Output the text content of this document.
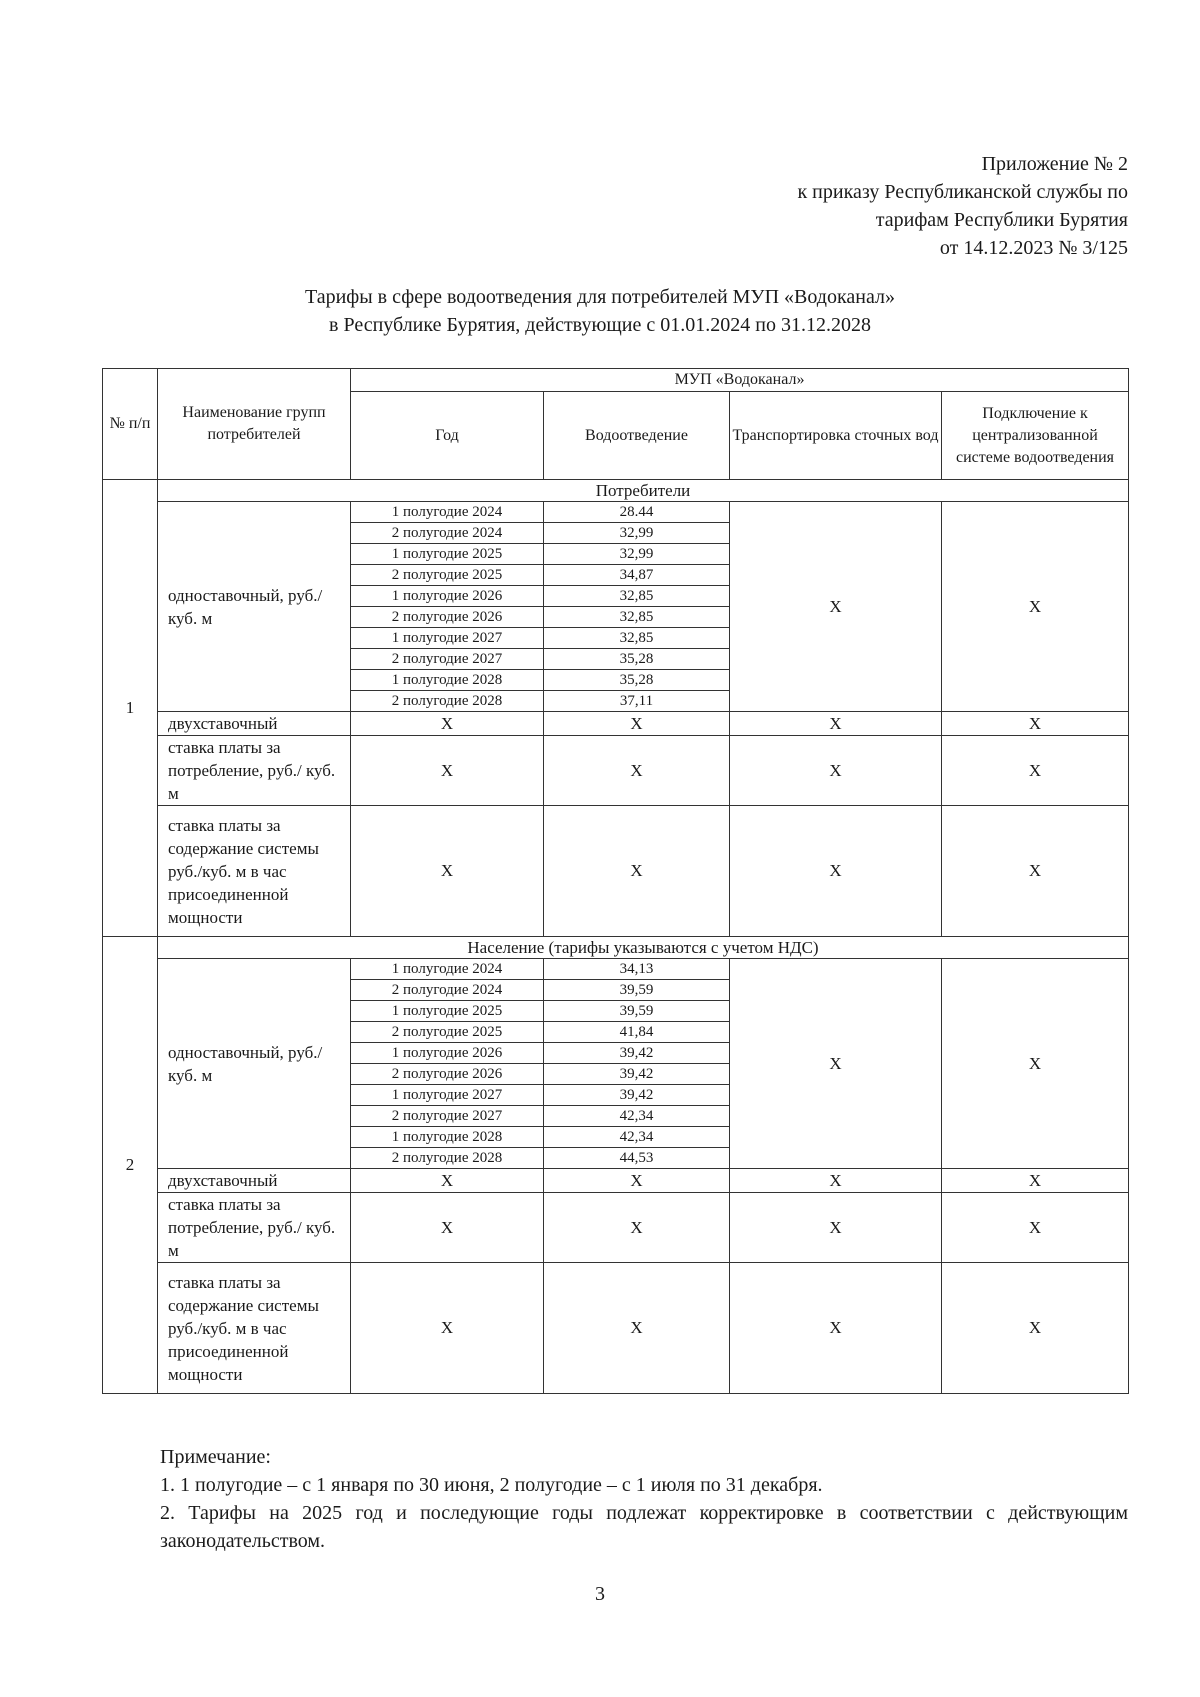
Приложение № 2
к приказу Республиканской службы по
тарифам Республики Бурятия
от 14.12.2023 № 3/125
Тарифы в сфере водоотведения для потребителей МУП «Водоканал»
в Республике Бурятия, действующие с 01.01.2024 по 31.12.2028
№ п/п	Наименование групп потребителей	МУП «Водоканал»			
		Год	Водоотведение	Транспортировка сточных вод	Подключение к централизованной системе водоотведения
1	Потребители				
	одноставочный, руб./ куб. м	1 полугодие 2024	28.44	X	X
		2 полугодие 2024	32,99		
		1 полугодие 2025	32,99		
		2 полугодие 2025	34,87		
		1 полугодие 2026	32,85		
		2 полугодие 2026	32,85		
		1 полугодие 2027	32,85		
		2 полугодие 2027	35,28		
		1 полугодие 2028	35,28		
		2 полугодие 2028	37,11		
	двухставочный	X	X	X	X
	ставка платы за потребление, руб./ куб. м	X	X	X	X
	ставка платы за содержание системы руб./куб. м в час присоединенной мощности	X	X	X	X
2	Население (тарифы указываются с учетом НДС)				
	одноставочный, руб./ куб. м	1 полугодие 2024	34,13	X	X
		2 полугодие 2024	39,59		
		1 полугодие 2025	39,59		
		2 полугодие 2025	41,84		
		1 полугодие 2026	39,42		
		2 полугодие 2026	39,42		
		1 полугодие 2027	39,42		
		2 полугодие 2027	42,34		
		1 полугодие 2028	42,34		
		2 полугодие 2028	44,53		
	двухставочный	X	X	X	X
	ставка платы за потребление, руб./ куб. м	X	X	X	X
	ставка платы за содержание системы руб./куб. м в час присоединенной мощности	X	X	X	X
Примечание:
1. 1 полугодие – с 1 января по 30 июня, 2 полугодие – с 1 июля по 31 декабря.
2. Тарифы на 2025 год и последующие годы подлежат корректировке в соответствии с действующим законодательством.
3
